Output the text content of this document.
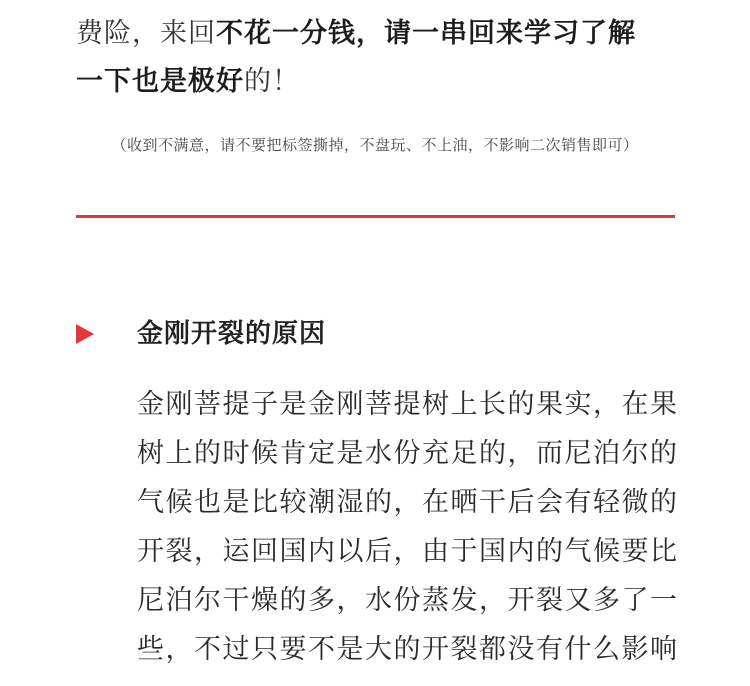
费险，来回不花一分钱，请一串回来学习了解

一下也是极好的！

（收到不满意，请不要把标签撕掉，不盘玩、不上油，不影响二次销售即可）
金刚开裂的原因
金刚菩提子是金刚菩提树上长的果实，在果
树上的时候肯定是水份充足的，而尼泊尔的
气候也是比较潮湿的，在晒干后会有轻微的
开裂，运回国内以后，由于国内的气候要比
尼泊尔干燥的多，水份蒸发，开裂又多了一
些，不过只要不是大的开裂都没有什么影响
